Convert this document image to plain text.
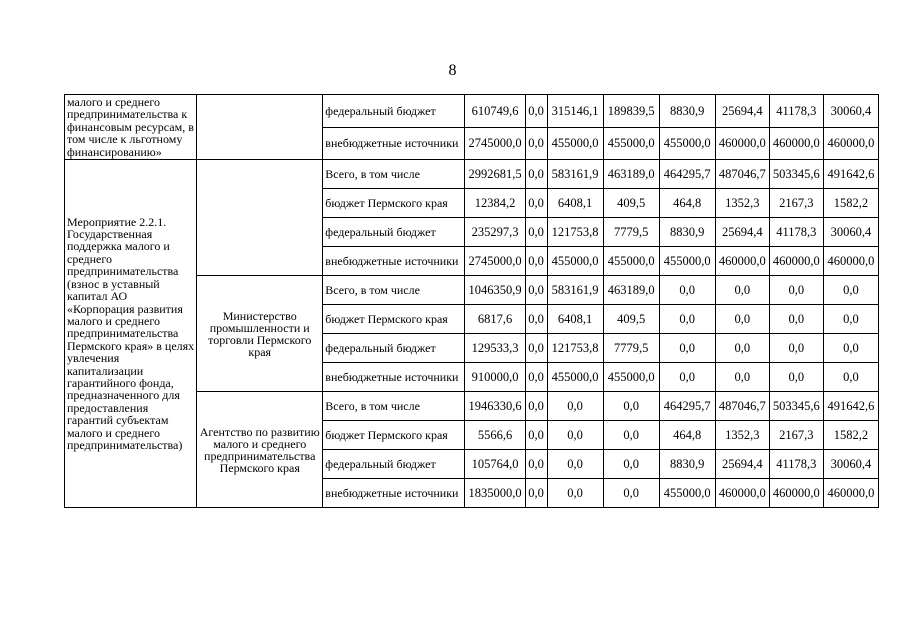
8
малого и среднего предпринимательства к финансовым ресурсам, в том числе к льготному финансированию»		федеральный бюджет	610749,6	0,0	315146,1	189839,5	8830,9	25694,4	41178,3	30060,4
		внебюджетные источники	2745000,0	0,0	455000,0	455000,0	455000,0	460000,0	460000,0	460000,0
Мероприятие 2.2.1. Государственная поддержка малого и среднего предпринимательства (взнос в уставный капитал АО «Корпорация развития малого и среднего предпринимательства Пермского края» в целях увлечения капитализации гарантийного фонда, предназначенного для предоставления гарантий субъектам малого и среднего предпринимательства)		Всего, в том числе	2992681,5	0,0	583161,9	463189,0	464295,7	487046,7	503345,6	491642,6
		бюджет Пермского края	12384,2	0,0	6408,1	409,5	464,8	1352,3	2167,3	1582,2
		федеральный бюджет	235297,3	0,0	121753,8	7779,5	8830,9	25694,4	41178,3	30060,4
		внебюджетные источники	2745000,0	0,0	455000,0	455000,0	455000,0	460000,0	460000,0	460000,0
	Министерство промышленности и торговли Пермского края	Всего, в том числе	1046350,9	0,0	583161,9	463189,0	0,0	0,0	0,0	0,0
		бюджет Пермского края	6817,6	0,0	6408,1	409,5	0,0	0,0	0,0	0,0
		федеральный бюджет	129533,3	0,0	121753,8	7779,5	0,0	0,0	0,0	0,0
		внебюджетные источники	910000,0	0,0	455000,0	455000,0	0,0	0,0	0,0	0,0
	Агентство по развитию малого и среднего предпринимательства Пермского края	Всего, в том числе	1946330,6	0,0	0,0	0,0	464295,7	487046,7	503345,6	491642,6
		бюджет Пермского края	5566,6	0,0	0,0	0,0	464,8	1352,3	2167,3	1582,2
		федеральный бюджет	105764,0	0,0	0,0	0,0	8830,9	25694,4	41178,3	30060,4
		внебюджетные источники	1835000,0	0,0	0,0	0,0	455000,0	460000,0	460000,0	460000,0
